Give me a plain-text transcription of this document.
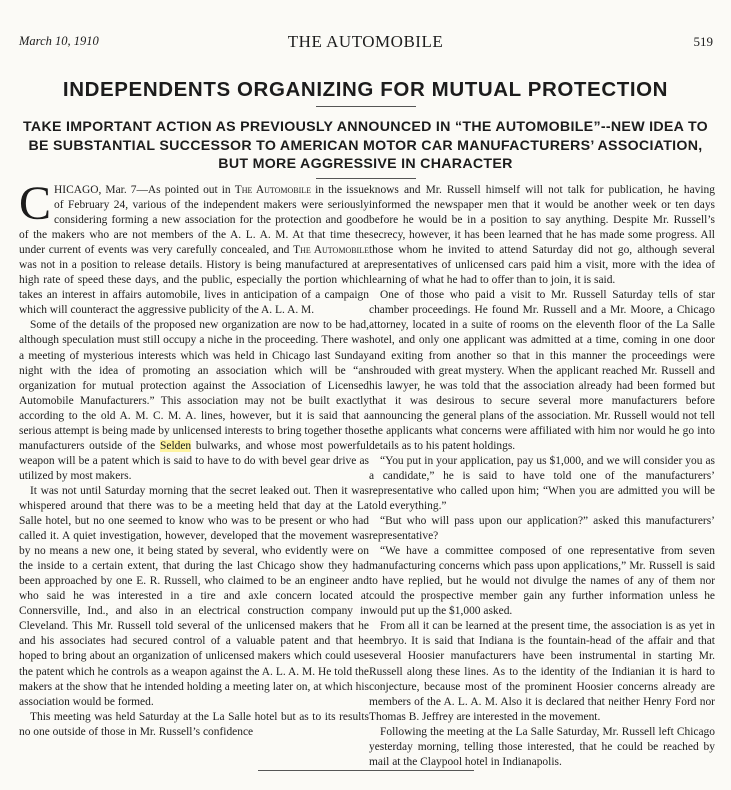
March 10, 1910	THE AUTOMOBILE	519
INDEPENDENTS ORGANIZING FOR MUTUAL PROTECTION
TAKE IMPORTANT ACTION AS PREVIOUSLY ANNOUNCED IN “THE AUTOMOBILE”--NEW IDEA TO BE SUBSTANTIAL SUCCESSOR TO AMERICAN MOTOR CAR MANUFACTURERS’ ASSOCIATION, BUT MORE AGGRESSIVE IN CHARACTER

CHICAGO, Mar. 7—As pointed out in The Automobile in the issue of February 24, various of the independent makers were seriously considering forming a new association for the protection and good of the makers who are not members of the A. L. A. M. At that time the under current of events was very carefully concealed, and The Automobile was not in a position to release details. History is being manufactured at a high rate of speed these days, and the public, especially the portion which takes an interest in affairs automobile, lives in anticipation of a campaign which will counteract the aggressive publicity of the A. L. A. M.

Some of the details of the proposed new organization are now to be had, although speculation must still occupy a niche in the proceeding. There was a meeting of mysterious interests which was held in Chicago last Sunday night with the idea of promoting an association which will be “an organization for mutual protection against the Association of Licensed Automobile Manufacturers.” This association may not be built exactly according to the old A. M. C. M. A. lines, however, but it is said that a serious attempt is being made by unlicensed interests to bring together those manufacturers outside of the Selden bulwarks, and whose most powerful weapon will be a patent which is said to have to do with bevel gear drive as utilized by most makers.

It was not until Saturday morning that the secret leaked out. Then it was whispered around that there was to be a meeting held that day at the La Salle hotel, but no one seemed to know who was to be present or who had called it. A quiet investigation, however, developed that the movement was by no means a new one, it being stated by several, who evidently were on the inside to a certain extent, that during the last Chicago show they had been approached by one E. R. Russell, who claimed to be an engineer and who said he was interested in a tire and axle concern located at Connersville, Ind., and also in an electrical construction company in Cleveland. This Mr. Russell told several of the unlicensed makers that he and his associates had secured control of a valuable patent and that he hoped to bring about an organization of unlicensed makers which could use the patent which he controls as a weapon against the A. L. A. M. He told the makers at the show that he intended holding a meeting later on, at which his association would be formed.

This meeting was held Saturday at the La Salle hotel but as to its results no one outside of those in Mr. Russell’s confidence

knows and Mr. Russell himself will not talk for publication, he having informed the newspaper men that it would be another week or ten days before he would be in a position to say anything. Despite Mr. Russell’s secrecy, however, it has been learned that he has made some progress. All those whom he invited to attend Saturday did not go, although several representatives of unlicensed cars paid him a visit, more with the idea of learning of what he had to offer than to join, it is said.

One of those who paid a visit to Mr. Russell Saturday tells of star chamber proceedings. He found Mr. Russell and a Mr. Moore, a Chicago attorney, located in a suite of rooms on the eleventh floor of the La Salle hotel, and only one applicant was admitted at a time, coming in one door and exiting from another so that in this manner the proceedings were shrouded with great mystery. When the applicant reached Mr. Russell and his lawyer, he was told that the association already had been formed but that it was desirous to secure several more manufacturers before announcing the general plans of the association. Mr. Russell would not tell the applicants what concerns were affiliated with him nor would he go into details as to his patent holdings.

“You put in your application, pay us $1,000, and we will consider you as a candidate,” he is said to have told one of the manufacturers’ representative who called upon him; “When you are admitted you will be told everything.”

“But who will pass upon our application?” asked this manufacturers’ representative?

“We have a committee composed of one representative from seven manufacturing concerns which pass upon applications,” Mr. Russell is said to have replied, but he would not divulge the names of any of them nor could the prospective member gain any further information unless he would put up the $1,000 asked.

From all it can be learned at the present time, the association is as yet in embryo. It is said that Indiana is the fountain-head of the affair and that several Hoosier manufacturers have been instrumental in starting Mr. Russell along these lines. As to the identity of the Indianian it is hard to conjecture, because most of the prominent Hoosier concerns already are members of the A. L. A. M. Also it is declared that neither Henry Ford nor Thomas B. Jeffrey are interested in the movement.

Following the meeting at the La Salle Saturday, Mr. Russell left Chicago yesterday morning, telling those interested, that he could be reached by mail at the Claypool hotel in Indianapolis.
